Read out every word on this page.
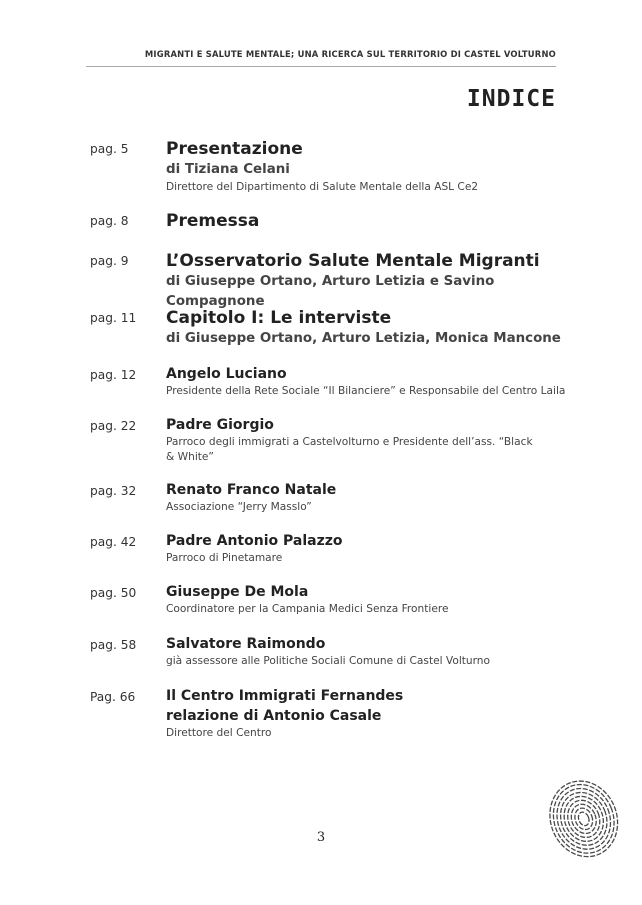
MIGRANTI E SALUTE MENTALE; UNA RICERCA SUL TERRITORIO DI CASTEL VOLTURNO
INDICE
pag. 5 Presentazione
di Tiziana Celani
Direttore del Dipartimento di Salute Mentale della ASL Ce2
pag. 8 Premessa
pag. 9 L’Osservatorio Salute Mentale Migranti
di Giuseppe Ortano, Arturo Letizia e Savino Compagnone
pag. 11 Capitolo I: Le interviste
di Giuseppe Ortano, Arturo Letizia, Monica Mancone
pag. 12 Angelo Luciano
Presidente della Rete Sociale “Il Bilanciere” e Responsabile del Centro Laila
pag. 22 Padre Giorgio
Parroco degli immigrati a Castelvolturno e Presidente dell’ass. “Black & White”
pag. 32 Renato Franco Natale
Associazione “Jerry Masslo”
pag. 42 Padre Antonio Palazzo
Parroco di Pinetamare
pag. 50 Giuseppe De Mola
Coordinatore per la Campania Medici Senza Frontiere
pag. 58 Salvatore Raimondo
già assessore alle Politiche Sociali Comune di Castel Volturno
Pag. 66 Il Centro Immigrati Fernandes
relazione di Antonio Casale
Direttore del Centro
3
